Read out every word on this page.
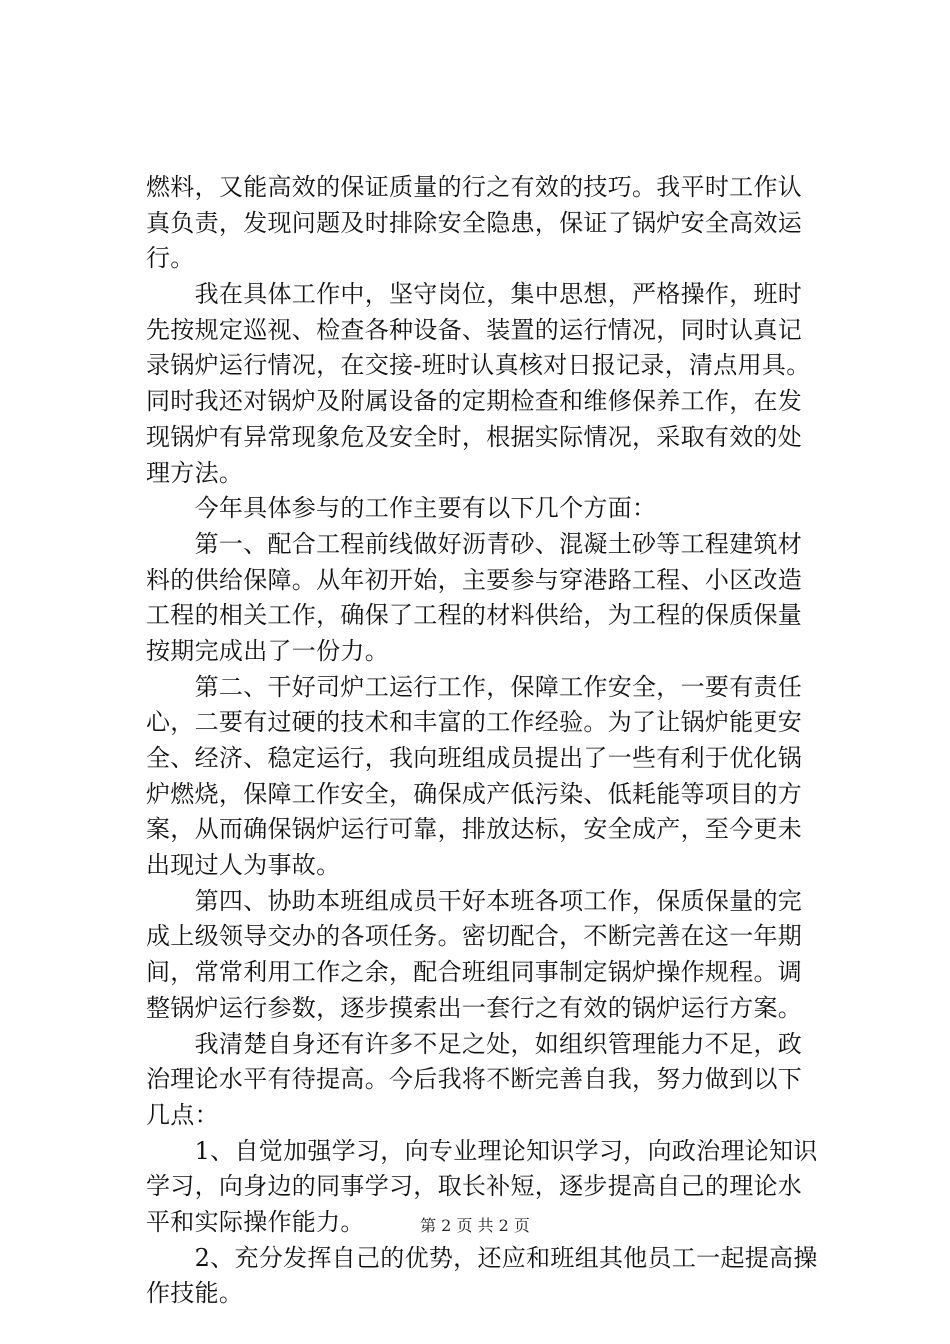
燃料，又能高效的保证质量的行之有效的技巧。我平时工作认
真负责，发现问题及时排除安全隐患，保证了锅炉安全高效运
行。
　　我在具体工作中，坚守岗位，集中思想，严格操作，班时
先按规定巡视、检查各种设备、装置的运行情况，同时认真记
录锅炉运行情况，在交接-班时认真核对日报记录，清点用具。
同时我还对锅炉及附属设备的定期检查和维修保养工作，在发
现锅炉有异常现象危及安全时，根据实际情况，采取有效的处
理方法。
　　今年具体参与的工作主要有以下几个方面：
　　第一、配合工程前线做好沥青砂、混凝土砂等工程建筑材
料的供给保障。从年初开始，主要参与穿港路工程、小区改造
工程的相关工作，确保了工程的材料供给，为工程的保质保量
按期完成出了一份力。
　　第二、干好司炉工运行工作，保障工作安全，一要有责任
心，二要有过硬的技术和丰富的工作经验。为了让锅炉能更安
全、经济、稳定运行，我向班组成员提出了一些有利于优化锅
炉燃烧，保障工作安全，确保成产低污染、低耗能等项目的方
案，从而确保锅炉运行可靠，排放达标，安全成产，至今更未
出现过人为事故。
　　第四、协助本班组成员干好本班各项工作，保质保量的完
成上级领导交办的各项任务。密切配合，不断完善在这一年期
间，常常利用工作之余，配合班组同事制定锅炉操作规程。调
整锅炉运行参数，逐步摸索出一套行之有效的锅炉运行方案。
　　我清楚自身还有许多不足之处，如组织管理能力不足，政
治理论水平有待提高。今后我将不断完善自我，努力做到以下
几点：
　　1、自觉加强学习，向专业理论知识学习，向政治理论知识
学习，向身边的同事学习，取长补短，逐步提高自己的理论水
平和实际操作能力。
　　2、充分发挥自己的优势，还应和班组其他员工一起提高操
作技能。
第 2 页 共 2 页
